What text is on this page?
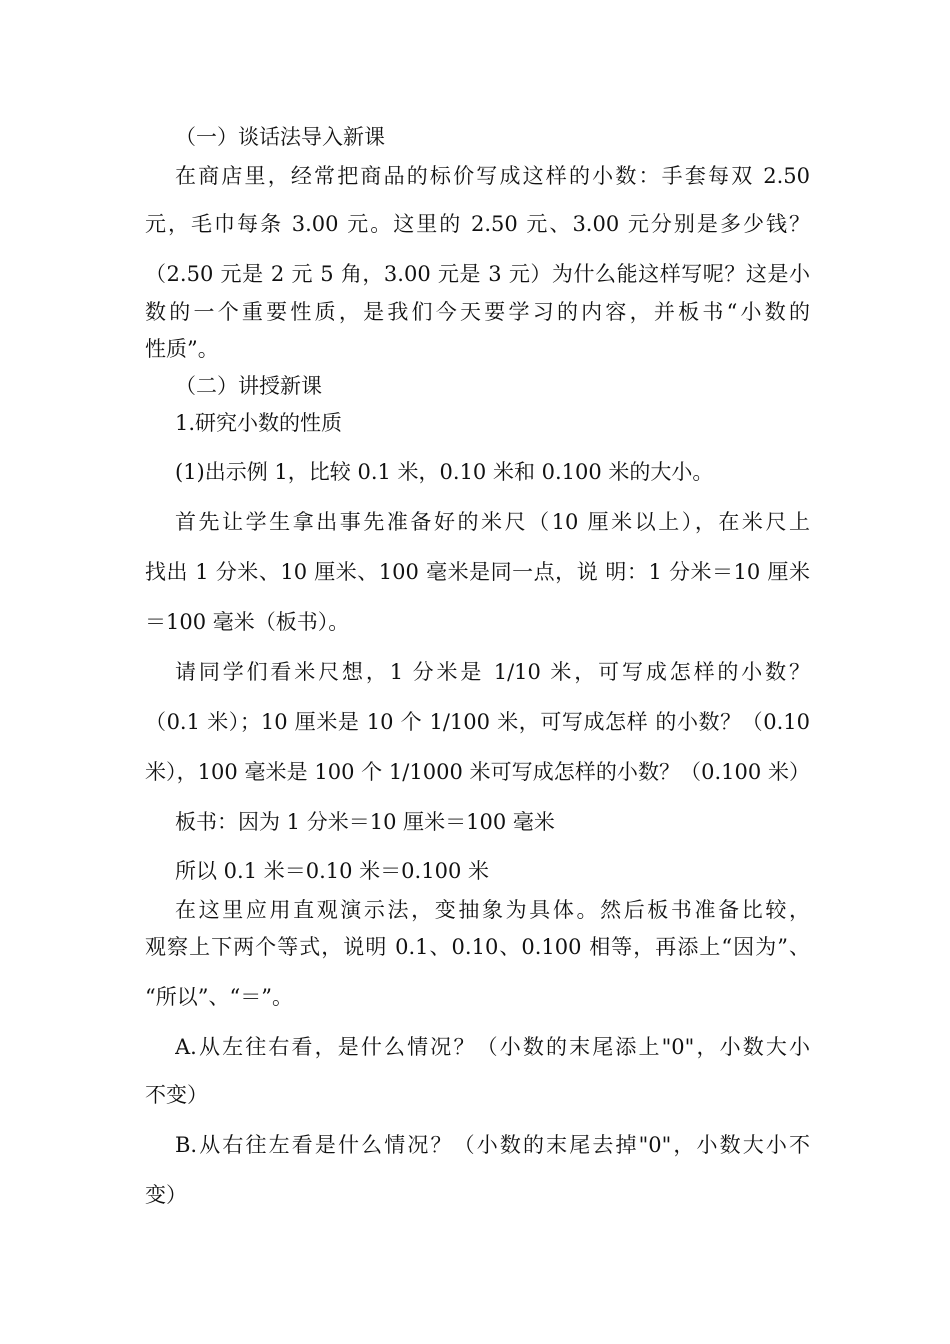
（一）谈话法导入新课
在商店里，经常把商品的标价写成这样的小数：手套每双 2.50
元，毛巾每条 3.00 元。这里的 2.50 元、3.00 元分别是多少钱？
（2.50 元是 2 元 5 角，3.00 元是 3 元）为什么能这样写呢？这是小
数的一个重要性质，是我们今天要学习的内容，并板书“小数的
性质”。
（二）讲授新课
1.研究小数的性质
(1)出示例 1，比较 0.1 米，0.10 米和 0.100 米的大小。
首先让学生拿出事先准备好的米尺（10 厘米以上），在米尺上
找出 1 分米、10 厘米、100 毫米是同一点，说 明：1 分米＝10 厘米
＝100 毫米（板书）。
请同学们看米尺想，1 分米是 1/10 米，可写成怎样的小数？
（0.1 米）；10 厘米是 10 个 1/100 米，可写成怎样 的小数？（0.10
米），100 毫米是 100 个 1/1000 米可写成怎样的小数？（0.100 米）
板书：因为 1 分米＝10 厘米＝100 毫米
所以 0.1 米＝0.10 米＝0.100 米
在这里应用直观演示法，变抽象为具体。然后板书准备比较，
观察上下两个等式，说明 0.1、0.10、0.100 相等，再添上“因为”、
“所以”、“＝”。
A.从左往右看，是什么情况？（小数的末尾添上"0"，小数大小
不变）
B.从右往左看是什么情况？（小数的末尾去掉"0"，小数大小不
变）
